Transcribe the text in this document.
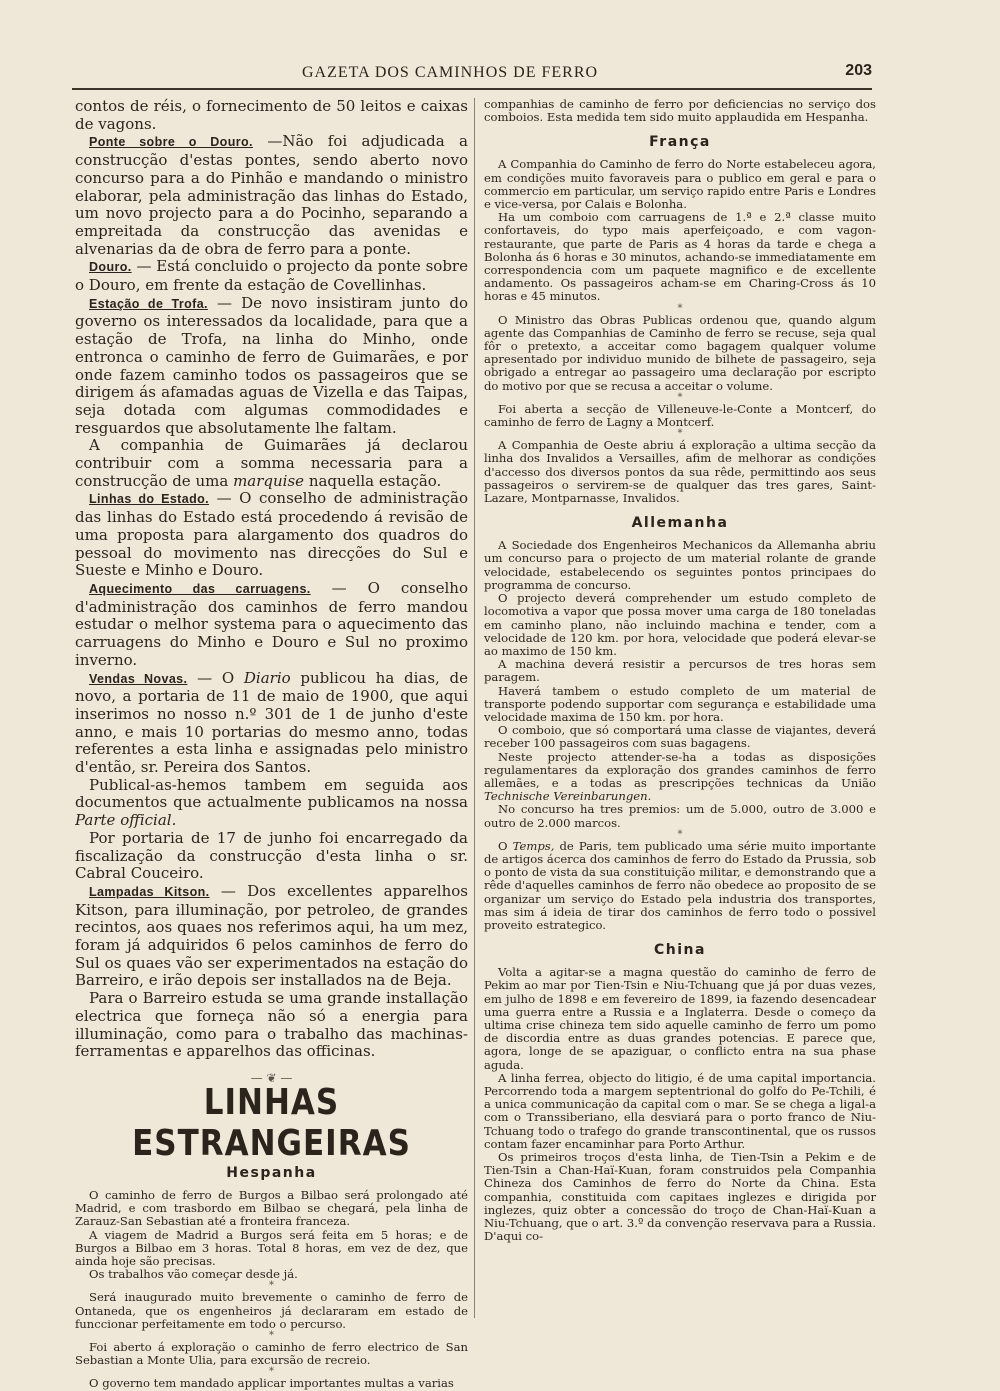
GAZETA DOS CAMINHOS DE FERRO	203

contos de réis, o fornecimento de 50 leitos e caixas de vagons.

Ponte sobre o Douro. —Não foi adjudicada a construcção d'estas pontes, sendo aberto novo concurso para a do Pinhão e mandando o ministro elaborar, pela administração das linhas do Estado, um novo projecto para a do Pocinho, separando a empreitada da construcção das avenidas e alvenarias da de obra de ferro para a ponte.

Douro. — Está concluido o projecto da ponte sobre o Douro, em frente da estação de Covellinhas.

Estação de Trofa. — De novo insistiram junto do governo os interessados da localidade, para que a estação de Trofa, na linha do Minho, onde entronca o caminho de ferro de Guimarães, e por onde fazem caminho todos os passageiros que se dirigem ás afamadas aguas de Vizella e das Taipas, seja dotada com algumas commodidades e resguardos que absolutamente lhe faltam.

A companhia de Guimarães já declarou contribuir com a somma necessaria para a construcção de uma marquise naquella estação.

Linhas do Estado. — O conselho de administração das linhas do Estado está procedendo á revisão de uma proposta para alargamento dos quadros do pessoal do movimento nas direcções do Sul e Sueste e Minho e Douro.

Aquecimento das carruagens. — O conselho d'administração dos caminhos de ferro mandou estudar o melhor systema para o aquecimento das carruagens do Minho e Douro e Sul no proximo inverno.

Vendas Novas. — O Diario publicou ha dias, de novo, a portaria de 11 de maio de 1900, que aqui inserimos no nosso n.º 301 de 1 de junho d'este anno, e mais 10 portarias do mesmo anno, todas referentes a esta linha e assignadas pelo ministro d'então, sr. Pereira dos Santos.

Publical-as-hemos tambem em seguida aos documentos que actualmente publicamos na nossa Parte official.

Por portaria de 17 de junho foi encarregado da fiscalização da construcção d'esta linha o sr. Cabral Couceiro.

Lampadas Kitson. — Dos excellentes apparelhos Kitson, para illuminação, por petroleo, de grandes recintos, aos quaes nos referimos aqui, ha um mez, foram já adquiridos 6 pelos caminhos de ferro do Sul os quaes vão ser experimentados na estação do Barreiro, e irão depois ser installados na de Beja.

Para o Barreiro estuda se uma grande installação electrica que forneça não só a energia para illuminação, como para o trabalho das machinas-ferramentas e apparelhos das officinas.

— ❦ —
LINHAS ESTRANGEIRAS
Hespanha

O caminho de ferro de Burgos a Bilbao será prolongado até Madrid, e com trasbordo em Bilbao se chegará, pela linha de Zarauz-San Sebastian até a fronteira franceza.

A viagem de Madrid a Burgos será feita em 5 horas; e de Burgos a Bilbao em 3 horas. Total 8 horas, em vez de dez, que ainda hoje são precisas.

Os trabalhos vão começar desde já.

*

Será inaugurado muito brevemente o caminho de ferro de Ontaneda, que os engenheiros já declararam em estado de funccionar perfeitamente em todo o percurso.

*

Foi aberto á exploração o caminho de ferro electrico de San Sebastian a Monte Ulia, para excursão de recreio.

*

O governo tem mandado applicar importantes multas a varias

companhias de caminho de ferro por deficiencias no serviço dos comboios. Esta medida tem sido muito applaudida em Hespanha.

França

A Companhia do Caminho de ferro do Norte estabeleceu agora, em condições muito favoraveis para o publico em geral e para o commercio em particular, um serviço rapido entre Paris e Londres e vice-versa, por Calais e Bolonha.

Ha um comboio com carruagens de 1.ª e 2.ª classe muito confortaveis, do typo mais aperfeiçoado, e com vagon-restaurante, que parte de Paris as 4 horas da tarde e chega a Bolonha ás 6 horas e 30 minutos, achando-se immediatamente em correspondencia com um paquete magnifico e de excellente andamento. Os passageiros acham-se em Charing-Cross ás 10 horas e 45 minutos.

*

O Ministro das Obras Publicas ordenou que, quando algum agente das Companhias de Caminho de ferro se recuse, seja qual fôr o pretexto, a acceitar como bagagem qualquer volume apresentado por individuo munido de bilhete de passageiro, seja obrigado a entregar ao passageiro uma declaração por escripto do motivo por que se recusa a acceitar o volume.

*

Foi aberta a secção de Villeneuve-le-Conte a Montcerf, do caminho de ferro de Lagny a Montcerf.

*

A Companhia de Oeste abriu á exploração a ultima secção da linha dos Invalidos a Versailles, afim de melhorar as condições d'accesso dos diversos pontos da sua rêde, permittindo aos seus passageiros o servirem-se de qualquer das tres gares, Saint-Lazare, Montparnasse, Invalidos.

Allemanha

A Sociedade dos Engenheiros Mechanicos da Allemanha abriu um concurso para o projecto de um material rolante de grande velocidade, estabelecendo os seguintes pontos principaes do programma de concurso.

O projecto deverá comprehender um estudo completo de locomotiva a vapor que possa mover uma carga de 180 toneladas em caminho plano, não incluindo machina e tender, com a velocidade de 120 km. por hora, velocidade que poderá elevar-se ao maximo de 150 km.

A machina deverá resistir a percursos de tres horas sem paragem.

Haverá tambem o estudo completo de um material de transporte podendo supportar com segurança e estabilidade uma velocidade maxima de 150 km. por hora.

O comboio, que só comportará uma classe de viajantes, deverá receber 100 passageiros com suas bagagens.

Neste projecto attender-se-ha a todas as disposições regulamentares da exploração dos grandes caminhos de ferro allemães, e a todas as prescripções technicas da União Technische Vereinbarungen.

No concurso ha tres premios: um de 5.000, outro de 3.000 e outro de 2.000 marcos.

*

O Temps, de Paris, tem publicado uma série muito importante de artigos ácerca dos caminhos de ferro do Estado da Prussia, sob o ponto de vista da sua constituição militar, e demonstrando que a rêde d'aquelles caminhos de ferro não obedece ao proposito de se organizar um serviço do Estado pela industria dos transportes, mas sim á ideia de tirar dos caminhos de ferro todo o possivel proveito estrategico.

China

Volta a agitar-se a magna questão do caminho de ferro de Pekim ao mar por Tien-Tsin e Niu-Tchuang que já por duas vezes, em julho de 1898 e em fevereiro de 1899, ia fazendo desencadear uma guerra entre a Russia e a Inglaterra. Desde o começo da ultima crise chineza tem sido aquelle caminho de ferro um pomo de discordia entre as duas grandes potencias. E parece que, agora, longe de se apaziguar, o conflicto entra na sua phase aguda.

A linha ferrea, objecto do litigio, é de uma capital importancia. Percorrendo toda a margem septentrional do golfo do Pe-Tchili, é a unica communicação da capital com o mar. Se se chega a ligal-a com o Transsiberiano, ella desviará para o porto franco de Niu-Tchuang todo o trafego do grande transcontinental, que os russos contam fazer encaminhar para Porto Arthur.

Os primeiros troços d'esta linha, de Tien-Tsin a Pekim e de Tien-Tsin a Chan-Haï-Kuan, foram construidos pela Companhia Chineza dos Caminhos de ferro do Norte da China. Esta companhia, constituida com capitaes inglezes e dirigida por inglezes, quiz obter a concessão do troço de Chan-Haï-Kuan a Niu-Tchuang, que o art. 3.º da convenção reservava para a Russia. D'aqui co-
